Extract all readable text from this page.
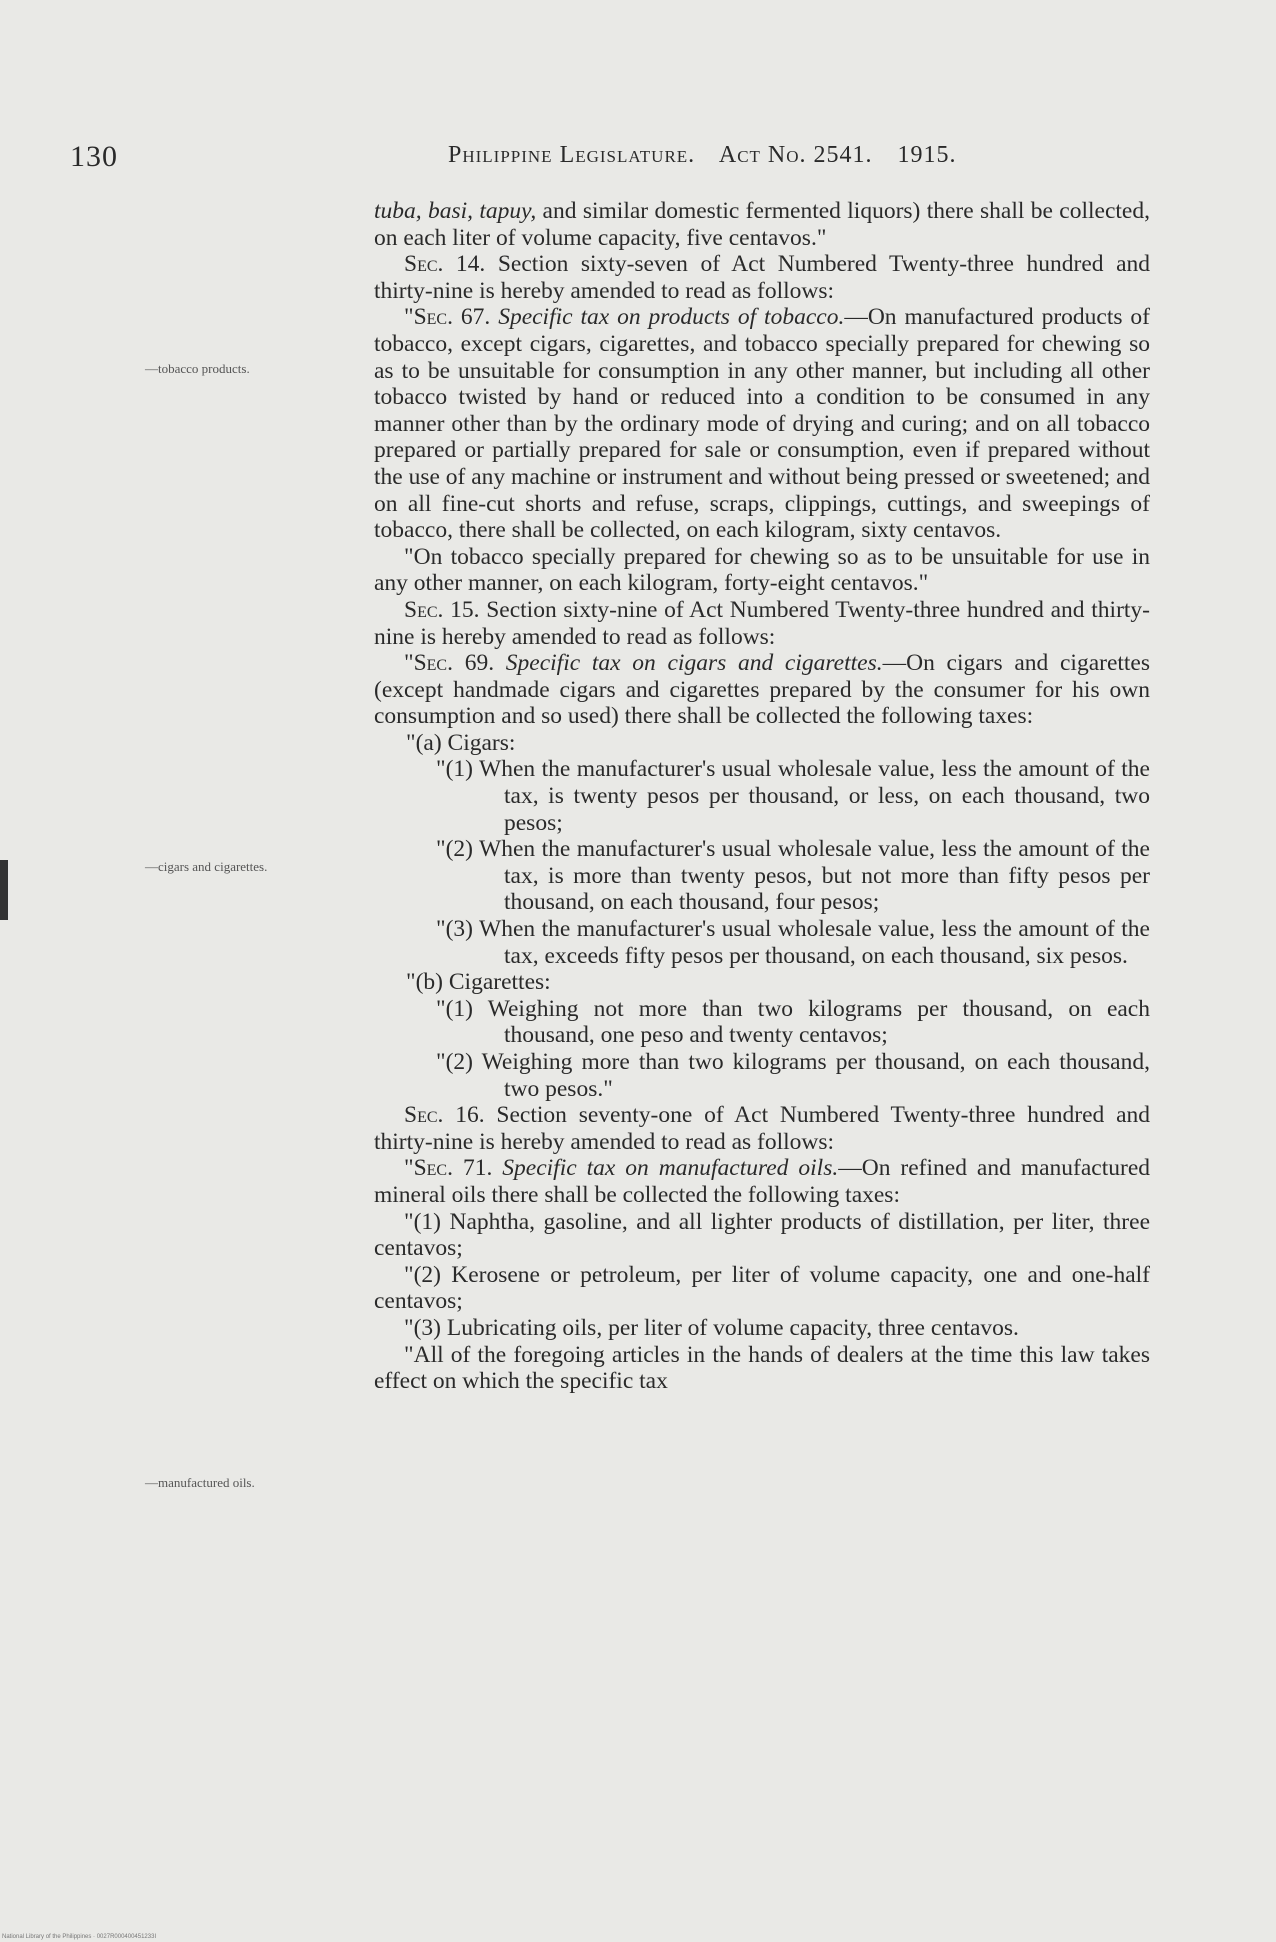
130	Philippine Legislature. Act No. 2541. 1915.
—tobacco products.
—cigars and cigarettes.
—manufactured oils.

tuba, basi, tapuy, and similar domestic fermented liquors) there shall be collected, on each liter of volume capacity, five centavos."

Sec. 14. Section sixty-seven of Act Numbered Twenty-three hundred and thirty-nine is hereby amended to read as follows:

"Sec. 67. Specific tax on products of tobacco.—On manufactured products of tobacco, except cigars, cigarettes, and tobacco specially prepared for chewing so as to be unsuitable for consumption in any other manner, but including all other tobacco twisted by hand or reduced into a condition to be consumed in any manner other than by the ordinary mode of drying and curing; and on all tobacco prepared or partially prepared for sale or consumption, even if prepared without the use of any machine or instrument and without being pressed or sweetened; and on all fine-cut shorts and refuse, scraps, clippings, cuttings, and sweepings of tobacco, there shall be collected, on each kilogram, sixty centavos.

"On tobacco specially prepared for chewing so as to be unsuitable for use in any other manner, on each kilogram, forty-eight centavos."

Sec. 15. Section sixty-nine of Act Numbered Twenty-three hundred and thirty-nine is hereby amended to read as follows:

"Sec. 69. Specific tax on cigars and cigarettes.—On cigars and cigarettes (except handmade cigars and cigarettes prepared by the consumer for his own consumption and so used) there shall be collected the following taxes:

"(a) Cigars:

"(1) When the manufacturer's usual wholesale value, less the amount of the tax, is twenty pesos per thousand, or less, on each thousand, two pesos;

"(2) When the manufacturer's usual wholesale value, less the amount of the tax, is more than twenty pesos, but not more than fifty pesos per thousand, on each thousand, four pesos;

"(3) When the manufacturer's usual wholesale value, less the amount of the tax, exceeds fifty pesos per thousand, on each thousand, six pesos.

"(b) Cigarettes:

"(1) Weighing not more than two kilograms per thousand, on each thousand, one peso and twenty centavos;

"(2) Weighing more than two kilograms per thousand, on each thousand, two pesos."

Sec. 16. Section seventy-one of Act Numbered Twenty-three hundred and thirty-nine is hereby amended to read as follows:

"Sec. 71. Specific tax on manufactured oils.—On refined and manufactured mineral oils there shall be collected the following taxes:

"(1) Naphtha, gasoline, and all lighter products of distillation, per liter, three centavos;

"(2) Kerosene or petroleum, per liter of volume capacity, one and one-half centavos;

"(3) Lubricating oils, per liter of volume capacity, three centavos.

"All of the foregoing articles in the hands of dealers at the time this law takes effect on which the specific tax

National Library of the Philippines · 0027R000400451233I
